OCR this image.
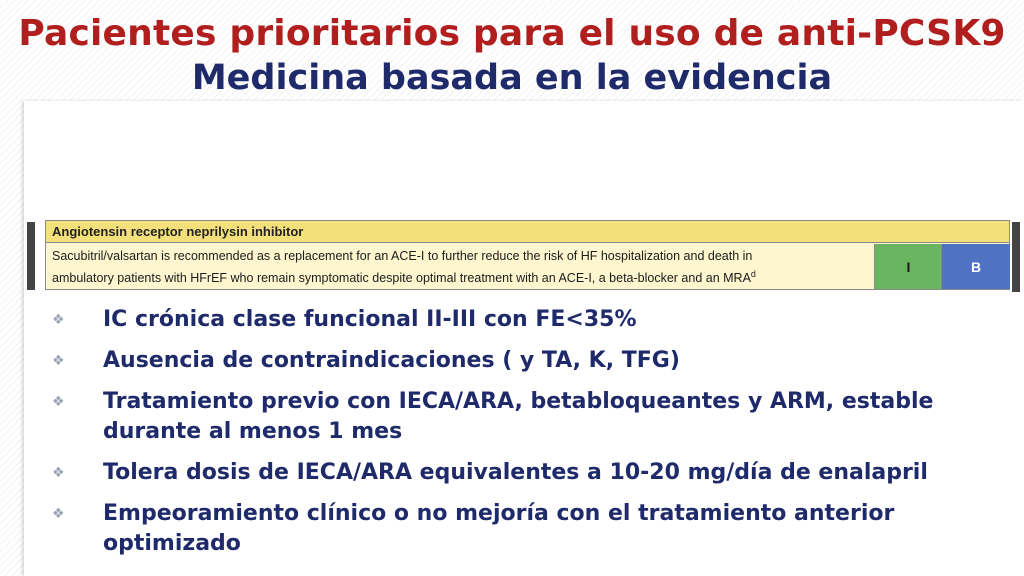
Pacientes prioritarios para el uso de anti-PCSK9
Medicina basada en la evidencia
Angiotensin receptor neprilysin inhibitor
Sacubitril/valsartan is recommended as a replacement for an ACE-I to further reduce the risk of HF hospitalization and death in
ambulatory patients with HFrEF who remain symptomatic despite optimal treatment with an ACE-I, a beta-blocker and an MRA$^d$	I	B
❖ IC crónica clase funcional II-III con FE<35%
❖ Ausencia de contraindicaciones ( y TA, K, TFG)
❖ Tratamiento previo con IECA/ARA, betabloqueantes y ARM, estable durante al menos 1 mes
❖ Tolera dosis de IECA/ARA equivalentes a 10-20 mg/día de enalapril
❖ Empeoramiento clínico o no mejoría con el tratamiento anterior optimizado
